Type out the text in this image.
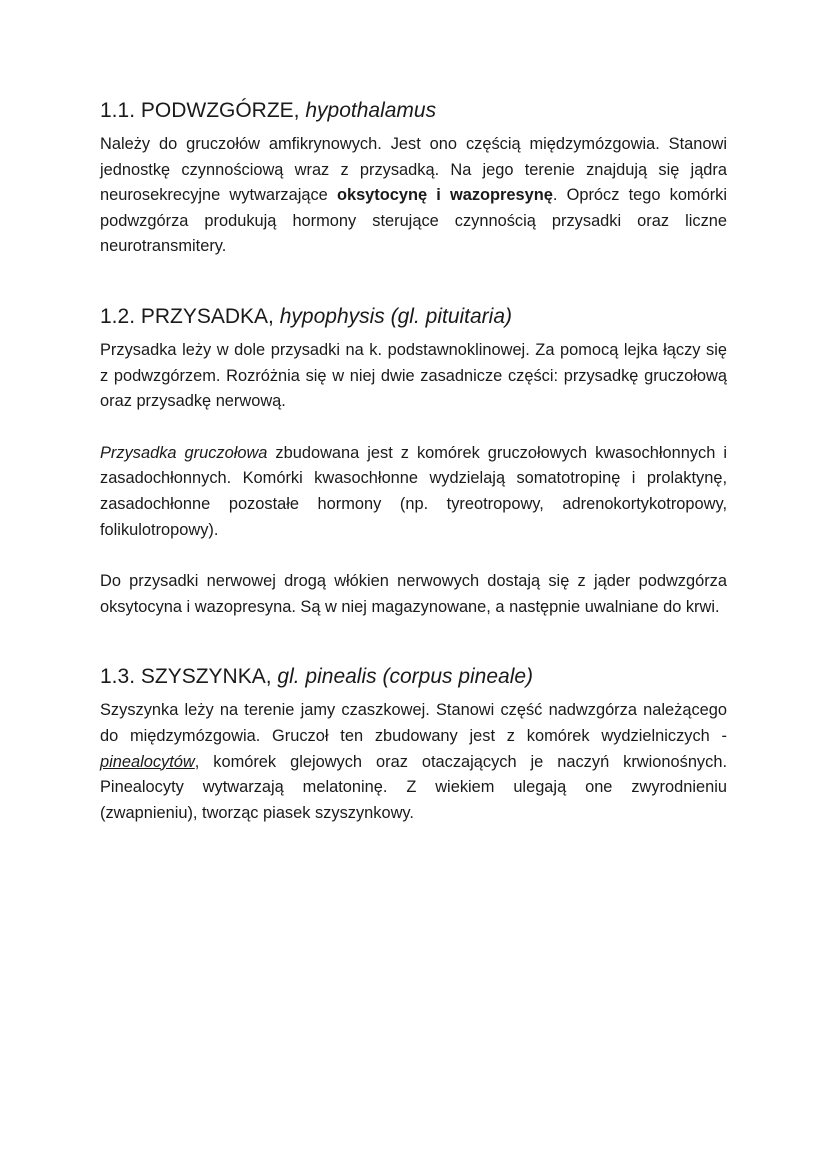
1.1. PODWZGÓRZE, hypothalamus

Należy do gruczołów amfikrynowych. Jest ono częścią międzymózgowia. Stanowi jednostkę czynnościową wraz z przysadką. Na jego terenie znajdują się jądra neurosekrecyjne wytwarzające oksytocynę i wazopresynę. Oprócz tego komórki podwzgórza produkują hormony sterujące czynnością przysadki oraz liczne neurotransmitery.

1.2. PRZYSADKA, hypophysis (gl. pituitaria)

Przysadka leży w dole przysadki na k. podstawnoklinowej. Za pomocą lejka łączy się z podwzgórzem. Rozróżnia się w niej dwie zasadnicze części: przysadkę gruczołową oraz przysadkę nerwową.

Przysadka gruczołowa zbudowana jest z komórek gruczołowych kwasochłonnych i zasadochłonnych. Komórki kwasochłonne wydzielają somatotropinę i prolaktynę, zasadochłonne pozostałe hormony (np. tyreotropowy, adrenokortykotropowy, folikulotropowy).

Do przysadki nerwowej drogą włókien nerwowych dostają się z jąder podwzgórza oksytocyna i wazopresyna. Są w niej magazynowane, a następnie uwalniane do krwi.

1.3. SZYSZYNKA, gl. pinealis (corpus pineale)

Szyszynka leży na terenie jamy czaszkowej. Stanowi część nadwzgórza należącego do międzymózgowia. Gruczoł ten zbudowany jest z komórek wydzielniczych - pinealocytów, komórek glejowych oraz otaczających je naczyń krwionośnych. Pinealocyty wytwarzają melatoninę. Z wiekiem ulegają one zwyrodnieniu (zwapnieniu), tworząc piasek szyszynkowy.
